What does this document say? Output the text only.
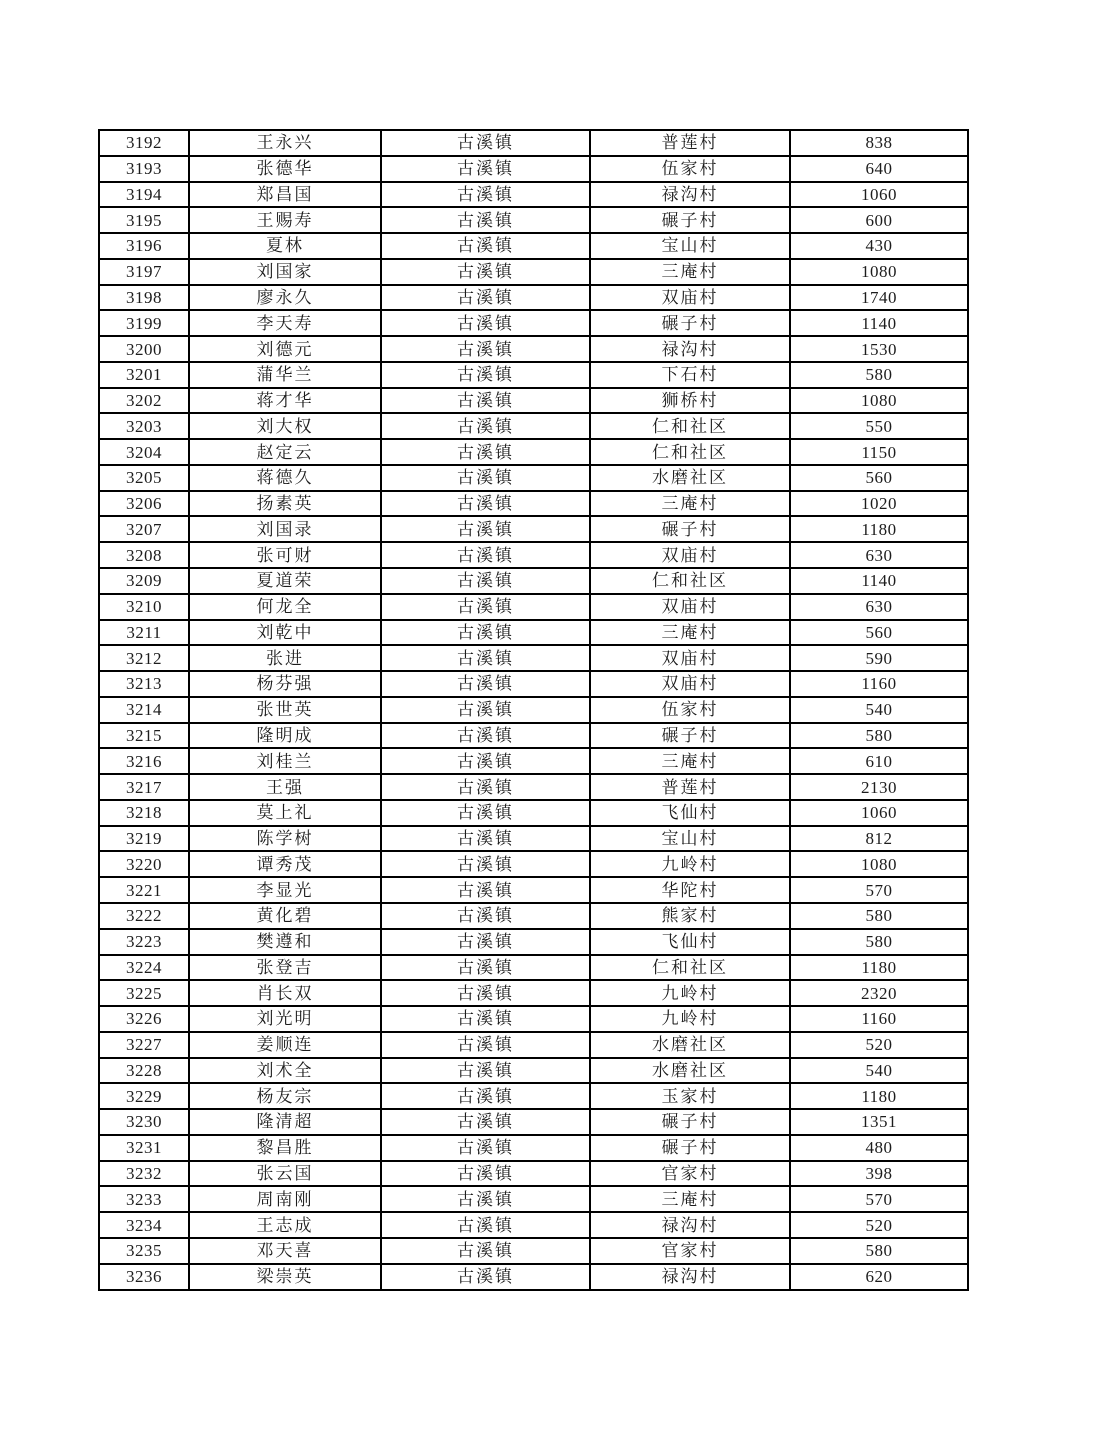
3192	王永兴	古溪镇	普莲村	838
3193	张德华	古溪镇	伍家村	640
3194	郑昌国	古溪镇	禄沟村	1060
3195	王赐寿	古溪镇	碾子村	600
3196	夏林	古溪镇	宝山村	430
3197	刘国家	古溪镇	三庵村	1080
3198	廖永久	古溪镇	双庙村	1740
3199	李天寿	古溪镇	碾子村	1140
3200	刘德元	古溪镇	禄沟村	1530
3201	蒲华兰	古溪镇	下石村	580
3202	蒋才华	古溪镇	狮桥村	1080
3203	刘大权	古溪镇	仁和社区	550
3204	赵定云	古溪镇	仁和社区	1150
3205	蒋德久	古溪镇	水磨社区	560
3206	扬素英	古溪镇	三庵村	1020
3207	刘国录	古溪镇	碾子村	1180
3208	张可财	古溪镇	双庙村	630
3209	夏道荣	古溪镇	仁和社区	1140
3210	何龙全	古溪镇	双庙村	630
3211	刘乾中	古溪镇	三庵村	560
3212	张进	古溪镇	双庙村	590
3213	杨芬强	古溪镇	双庙村	1160
3214	张世英	古溪镇	伍家村	540
3215	隆明成	古溪镇	碾子村	580
3216	刘桂兰	古溪镇	三庵村	610
3217	王强	古溪镇	普莲村	2130
3218	莫上礼	古溪镇	飞仙村	1060
3219	陈学树	古溪镇	宝山村	812
3220	谭秀茂	古溪镇	九岭村	1080
3221	李显光	古溪镇	华陀村	570
3222	黄化碧	古溪镇	熊家村	580
3223	樊遵和	古溪镇	飞仙村	580
3224	张登吉	古溪镇	仁和社区	1180
3225	肖长双	古溪镇	九岭村	2320
3226	刘光明	古溪镇	九岭村	1160
3227	姜顺连	古溪镇	水磨社区	520
3228	刘术全	古溪镇	水磨社区	540
3229	杨友宗	古溪镇	玉家村	1180
3230	隆清超	古溪镇	碾子村	1351
3231	黎昌胜	古溪镇	碾子村	480
3232	张云国	古溪镇	官家村	398
3233	周南刚	古溪镇	三庵村	570
3234	王志成	古溪镇	禄沟村	520
3235	邓天喜	古溪镇	官家村	580
3236	梁崇英	古溪镇	禄沟村	620
